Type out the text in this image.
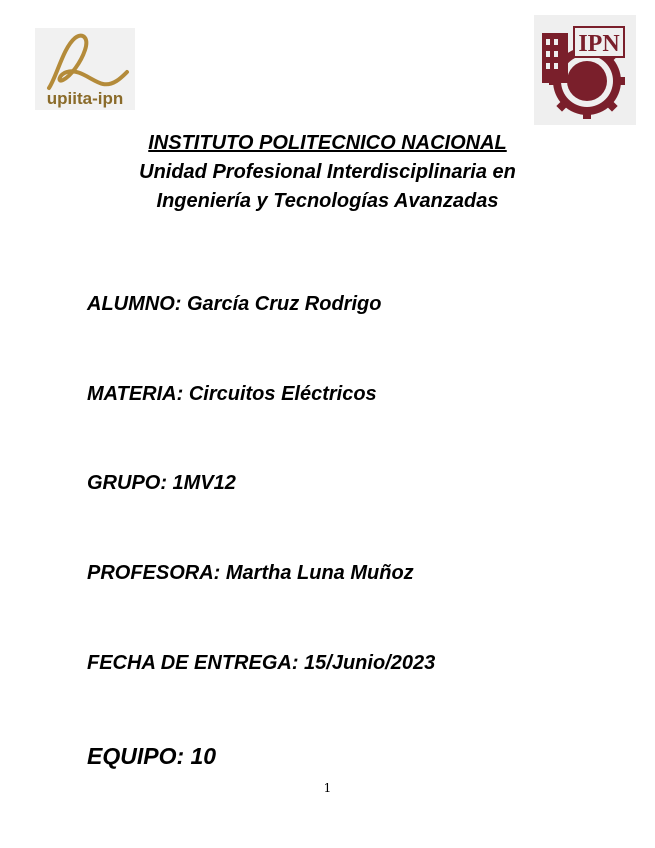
upiita-ipn
IPN
INSTITUTO POLITECNICO NACIONAL
Unidad Profesional Interdisciplinaria en
Ingeniería y Tecnologías Avanzadas
ALUMNO: García Cruz Rodrigo
MATERIA: Circuitos Eléctricos
GRUPO: 1MV12
PROFESORA: Martha Luna Muñoz
FECHA DE ENTREGA: 15/Junio/2023
EQUIPO: 10
1
